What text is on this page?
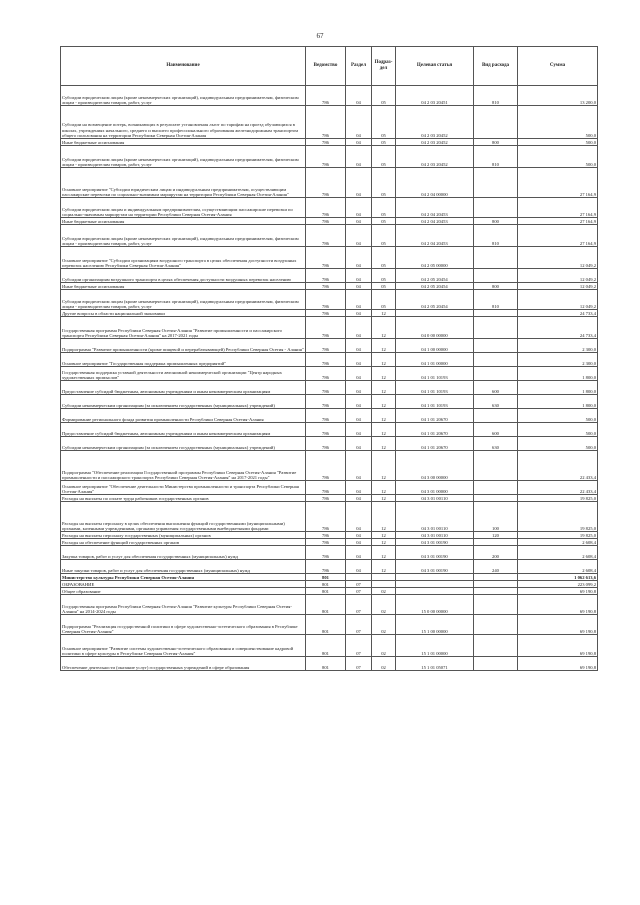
67
Наименование	Ведомство	Раздел	Подраз-дел	Целевая статья	Вид расхода	Сумма
Субсидии юридическим лицам (кроме некоммерческих организаций), индивидуальным предпринимателям, физическим лицам - производителям товаров, работ, услуг	786	04	05	04 2 03 20451	810	13 200,0
Субсидии на возмещение потерь, возникающих в результате установления льгот по тарифам на проезд обучающихся в школах, учреждениях начального, среднего и высшего профессионального образования железнодорожным транспортом общего пользования на территории Республики Северная Осетия-Алания	786	04	05	04 2 03 20452		500,0
Иные бюджетные ассигнования	786	04	05	04 2 03 20452	800	500,0
Субсидии юридическим лицам (кроме некоммерческих организаций), индивидуальным предпринимателям, физическим лицам - производителям товаров, работ, услуг	786	04	05	04 2 03 20452	810	500,0
Основное мероприятие "Субсидии юридическим лицам и индивидуальным предпринимателям, осуществляющим пассажирские перевозки по социально-значимым маршрутам на территории Республики Северная Осетия-Алания"	786	04	05	04 2 04 00000		27 164,9
Субсидии юридическим лицам и индивидуальным предпринимателям, осуществляющим пассажирские перевозки по социально-значимым маршрутам на территории Республики Северная Осетия-Алания	786	04	05	04 2 04 20453		27 164,9
Иные бюджетные ассигнования	786	04	05	04 2 04 20453	800	27 164,9
Субсидии юридическим лицам (кроме некоммерческих организаций), индивидуальным предпринимателям, физическим лицам - производителям товаров, работ, услуг	786	04	05	04 2 04 20453	810	27 164,9
Основное мероприятие "Субсидии организациям воздушного транспорта в целях обеспечения доступности воздушных перевозок населению Республики Северная Осетия-Алания"	786	04	05	04 2 05 00000		12 049,2
Субсидии организациям воздушного транспорта в целях обеспечения доступности воздушных перевозок населению	786	04	05	04 2 05 20454		12 049,2
Иные бюджетные ассигнования	786	04	05	04 2 05 20454	800	12 049,2
Субсидии юридическим лицам (кроме некоммерческих организаций), индивидуальным предпринимателям, физическим лицам - производителям товаров, работ, услуг	786	04	05	04 2 05 20454	810	12 049,2
Другие вопросы в области национальной экономики	786	04	12			24 733,4
Государственная программа Республики Северная Осетия-Алания "Развитие промышленности и пассажирского транспорта Республики Северная Осетия-Алания" на 2017-2021 годы	786	04	12	04 0 00 00000		24 733,4
Подпрограмма "Развитие промышленности (кроме пищевой и перерабатывающей) Республики Северная Осетия - Алания"	786	04	12	04 1 00 00000		2 300,0
Основное мероприятие "Государственная поддержка промышленных предприятий"	786	04	12	04 1 01 00000		2 300,0
Государственная поддержка уставной деятельности автономной некоммерческой организации "Центр народных художественных промыслов"	786	04	12	04 1 01 10193		1 800,0
Предоставление субсидий бюджетным, автономным учреждениям и иным некоммерческим организациям	786	04	12	04 1 01 10193	600	1 800,0
Субсидии некоммерческим организациям (за исключением государственных (муниципальных) учреждений)	786	04	12	04 1 01 10193	630	1 800,0
Формирование регионального фонда развития промышленности Республики Северная Осетия-Алания	786	04	12	04 1 01 20670		500,0
Предоставление субсидий бюджетным, автономным учреждениям и иным некоммерческим организациям	786	04	12	04 1 01 20670	600	500,0
Субсидии некоммерческим организациям (за исключением государственных (муниципальных) учреждений)	786	04	12	04 1 01 20670	630	500,0
Подпрограмма "Обеспечение реализации Государственной программы Республики Северная Осетия-Алания "Развитие промышленности и пассажирского транспорта Республики Северная Осетия-Алания" на 2017-2021 годы"	786	04	12	04 3 00 00000		22 433,4
Основное мероприятие "Обеспечение деятельности Министерства промышленности и транспорта Республики Северная Осетия-Алания"	786	04	12	04 3 01 00000		22 433,4
Расходы на выплаты по оплате труда работников государственных органов	786	04	12	04 3 01 00110		19 825,0
Расходы на выплаты персоналу в целях обеспечения выполнения функций государственными (муниципальными) органами, казенными учреждениями, органами управления государственными внебюджетными фондами	786	04	12	04 3 01 00110	100	19 825,0
Расходы на выплаты персоналу государственных (муниципальных) органов	786	04	12	04 3 01 00110	120	19 825,0
Расходы на обеспечение функций государственных органов	786	04	12	04 3 01 00190		2 608,4
Закупка товаров, работ и услуг для обеспечения государственных (муниципальных) нужд	786	04	12	04 3 01 00190	200	2 608,4
Иные закупки товаров, работ и услуг для обеспечения государственных (муниципальных) нужд	786	04	12	04 3 01 00190	240	2 608,4
Министерство культуры Республики Северная Осетия-Алания	801					1 062 613,6
ОБРАЗОВАНИЕ	801	07				223 099,2
Общее образование	801	07	02			69 190,8
Государственная программа Республики Северная Осетия-Алания "Развитие культуры Республики Северная Осетия-Алания" на 2014-2024 годы	801	07	02	15 0 00 00000		69 190,8
Подпрограмма "Реализация государственной политики в сфере художественно-эстетического образования в Республике Северная Осетия-Алания"	801	07	02	15 1 00 00000		69 190,8
Основное мероприятие "Развитие системы художественно-эстетического образования и совершенствование кадровой политики в сфере культуры в Республике Северная Осетия-Алания"	801	07	02	15 1 01 00000		69 190,8
Обеспечение деятельности (оказание услуг) государственных учреждений в сфере образования	801	07	02	15 1 01 05071		69 190,8
